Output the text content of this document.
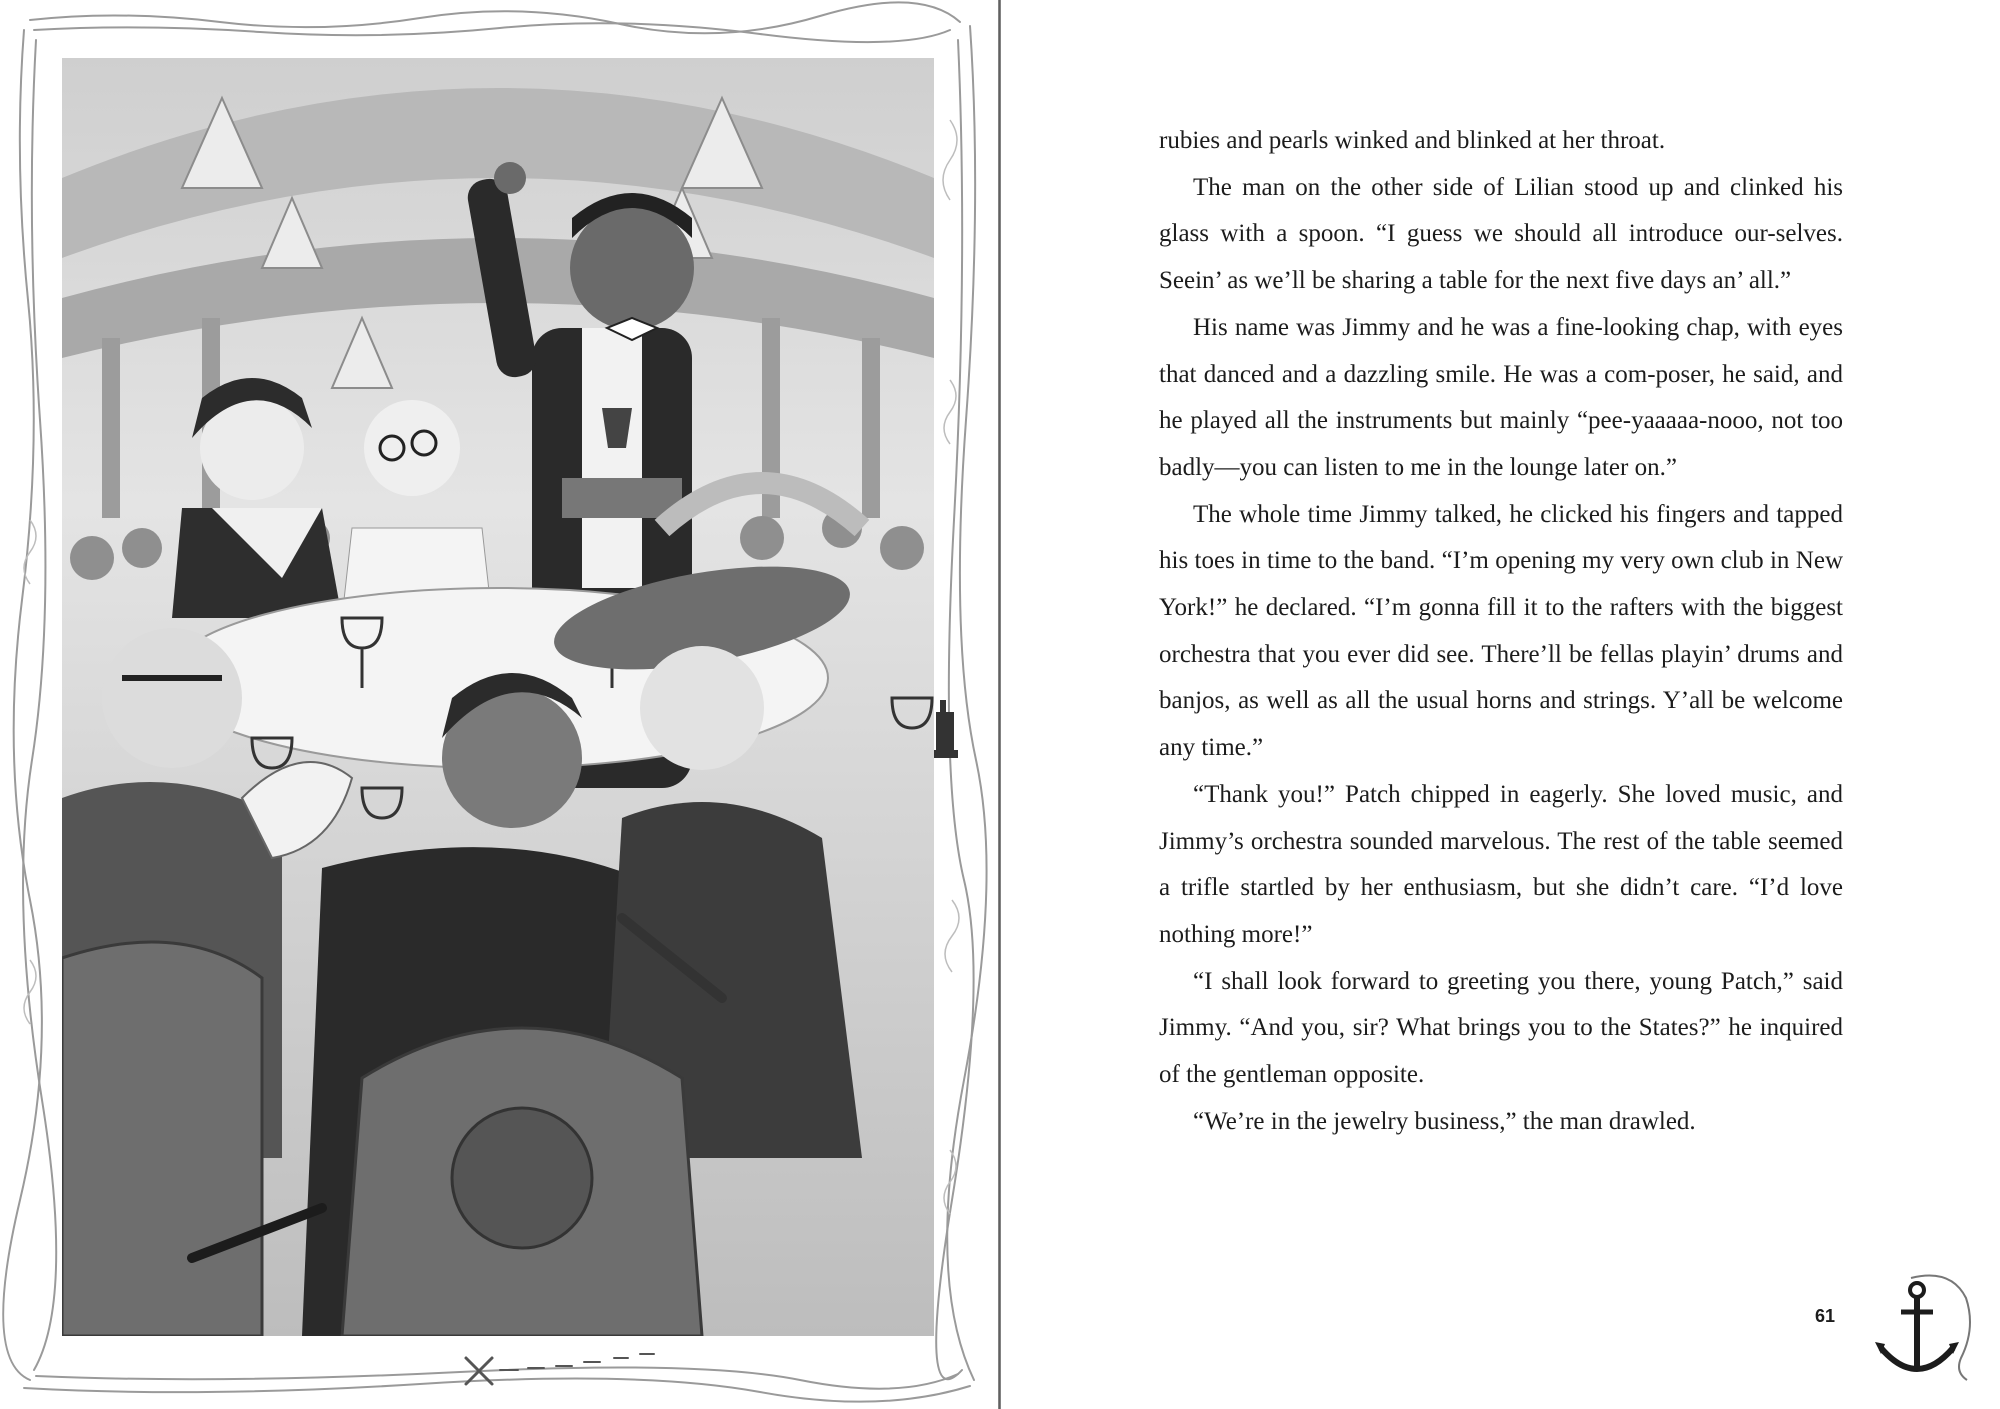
rubies and pearls winked and blinked at her throat.

The man on the other side of Lilian stood up and clinked his glass with a spoon. “I guess we should all introduce our-selves. Seein’ as we’ll be sharing a table for the next five days an’ all.”

His name was Jimmy and he was a fine-looking chap, with eyes that danced and a dazzling smile. He was a com-poser, he said, and he played all the instruments but mainly “pee-yaaaaa-nooo, not too badly—you can listen to me in the lounge later on.”

The whole time Jimmy talked, he clicked his fingers and tapped his toes in time to the band. “I’m opening my very own club in New York!” he declared. “I’m gonna fill it to the rafters with the biggest orchestra that you ever did see. There’ll be fellas playin’ drums and banjos, as well as all the usual horns and strings. Y’all be welcome any time.”

“Thank you!” Patch chipped in eagerly. She loved music, and Jimmy’s orchestra sounded marvelous. The rest of the table seemed a trifle startled by her enthusiasm, but she didn’t care. “I’d love nothing more!”

“I shall look forward to greeting you there, young Patch,” said Jimmy. “And you, sir? What brings you to the States?” he inquired of the gentleman opposite.

“We’re in the jewelry business,” the man drawled.

61
